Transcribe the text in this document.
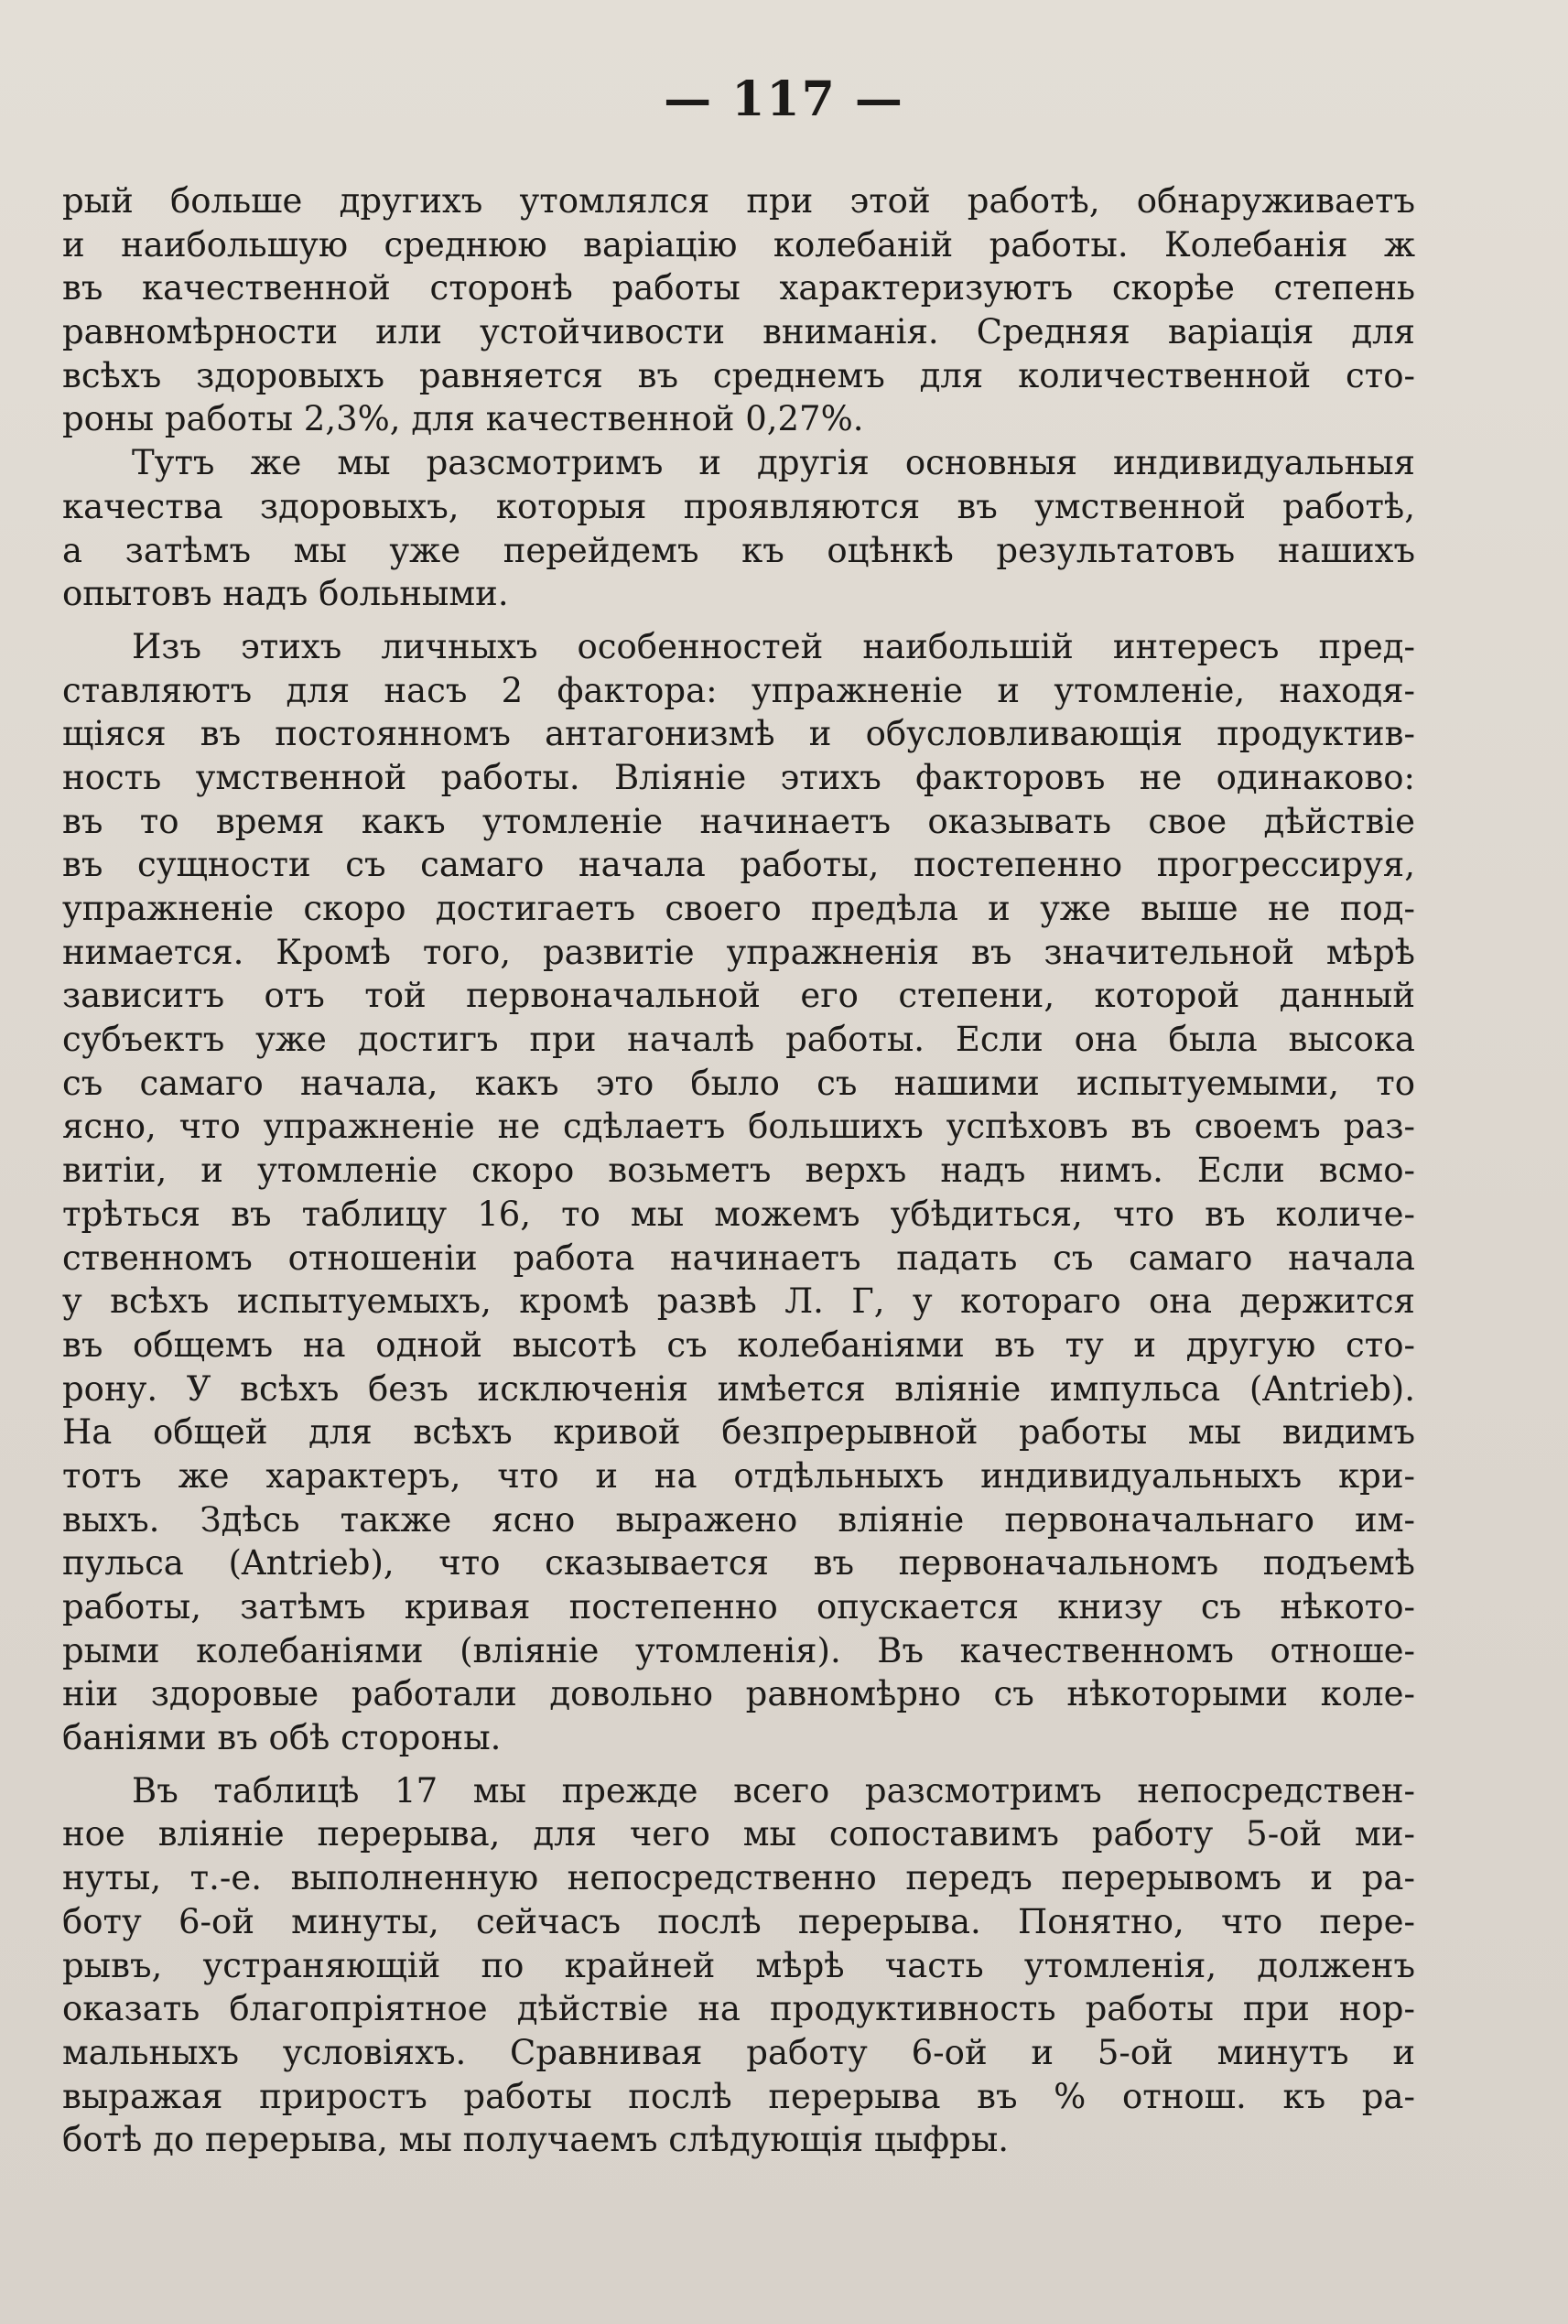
— 117 —
рый больше другихъ утомлялся при этой работѣ, обнаруживаетъ
и наибольшую среднюю варіацію колебаній работы. Колебанія ж
въ качественной сторонѣ работы характеризуютъ скорѣе степень
равномѣрности или устойчивости вниманія. Средняя варіація для
всѣхъ здоровыхъ равняется въ среднемъ для количественной сто-
роны работы 2,3%, для качественной 0,27%.
Тутъ же мы разсмотримъ и другія основныя индивидуальныя
качества здоровыхъ, которыя проявляются въ умственной работѣ,
а затѣмъ мы уже перейдемъ къ оцѣнкѣ результатовъ нашихъ
опытовъ надъ больными.
Изъ этихъ личныхъ особенностей наибольшій интересъ пред-
ставляютъ для насъ 2 фактора: упражненіе и утомленіе, находя-
щіяся въ постоянномъ антагонизмѣ и обусловливающія продуктив-
ность умственной работы. Вліяніе этихъ факторовъ не одинаково:
въ то время какъ утомленіе начинаетъ оказывать свое дѣйствіе
въ сущности съ самаго начала работы, постепенно прогрессируя,
упражненіе скоро достигаетъ своего предѣла и уже выше не под-
нимается. Кромѣ того, развитіе упражненія въ значительной мѣрѣ
зависитъ отъ той первоначальной его степени, которой данный
субъектъ уже достигъ при началѣ работы. Если она была высока
съ самаго начала, какъ это было съ нашими испытуемыми, то
ясно, что упражненіе не сдѣлаетъ большихъ успѣховъ въ своемъ раз-
витіи, и утомленіе скоро возьметъ верхъ надъ нимъ. Если всмо-
трѣться въ таблицу 16, то мы можемъ убѣдиться, что въ количе-
ственномъ отношеніи работа начинаетъ падать съ самаго начала
у всѣхъ испытуемыхъ, кромѣ развѣ Л. Г, у котораго она держится
въ общемъ на одной высотѣ съ колебаніями въ ту и другую сто-
рону. У всѣхъ безъ исключенія имѣется вліяніе импульса (Antrieb).
На общей для всѣхъ кривой безпрерывной работы мы видимъ
тотъ же характеръ, что и на отдѣльныхъ индивидуальныхъ кри-
выхъ. Здѣсь также ясно выражено вліяніе первоначальнаго им-
пульса (Antrieb), что сказывается въ первоначальномъ подъемѣ
работы, затѣмъ кривая постепенно опускается книзу съ нѣкото-
рыми колебаніями (вліяніе утомленія). Въ качественномъ отноше-
ніи здоровые работали довольно равномѣрно съ нѣкоторыми коле-
баніями въ обѣ стороны.
Въ таблицѣ 17 мы прежде всего разсмотримъ непосредствен-
ное вліяніе перерыва, для чего мы сопоставимъ работу 5-ой ми-
нуты, т.-е. выполненную непосредственно передъ перерывомъ и ра-
боту 6-ой минуты, сейчасъ послѣ перерыва. Понятно, что пере-
рывъ, устраняющій по крайней мѣрѣ часть утомленія, долженъ
оказать благопріятное дѣйствіе на продуктивность работы при нор-
мальныхъ условіяхъ. Сравнивая работу 6-ой и 5-ой минутъ и
выражая приростъ работы послѣ перерыва въ % отнош. къ ра-
ботѣ до перерыва, мы получаемъ слѣдующія цыфры.
